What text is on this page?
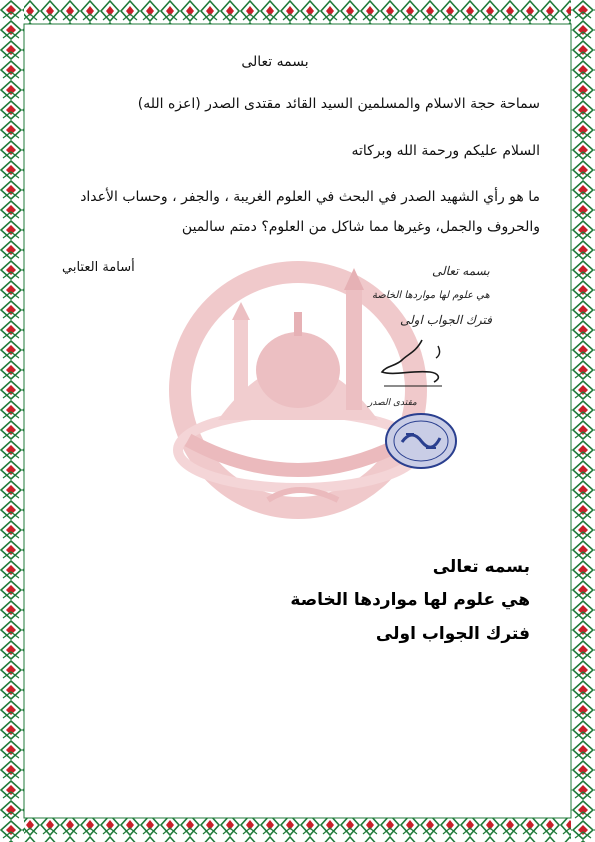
بسمه تعالى
سماحة حجة الاسلام والمسلمين السيد القائد مقتدى الصدر (اعزه الله)
السلام عليكم ورحمة الله وبركاته
ما هو رأي الشهيد الصدر في البحث في العلوم الغريبة ، والجفر ، وحساب الأعداد والحروف والجمل، وغيرها مما شاكل من العلوم؟ دمتم سالمين
أسامة العتابي	بسمه تعالى
هي علوم لها مواردها الخاصة
فترك الجواب اولى
مقتدى الصدر
بسمه تعالى
هي علوم لها مواردها الخاصة
فترك الجواب اولى
